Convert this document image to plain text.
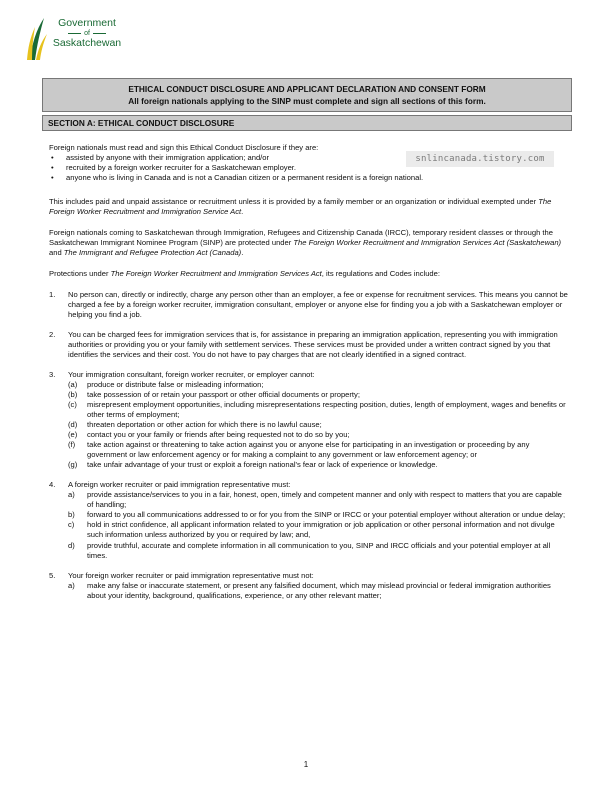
Government
of
Saskatchewan
ETHICAL CONDUCT DISCLOSURE AND APPLICANT DECLARATION AND CONSENT FORM
All foreign nationals applying to the SINP must complete and sign all sections of this form.
SECTION A: ETHICAL CONDUCT DISCLOSURE

Foreign nationals must read and sign this Ethical Conduct Disclosure if they are:

• assisted by anyone with their immigration application; and/or
• recruited by a foreign worker recruiter for a Saskatchewan employer.
• anyone who is living in Canada and is not a Canadian citizen or a permanent resident is a foreign national.

This includes paid and unpaid assistance or recruitment unless it is provided by a family member or an organization or individual exempted under The Foreign Worker Recruitment and Immigration Service Act.

Foreign nationals coming to Saskatchewan through Immigration, Refugees and Citizenship Canada (IRCC), temporary resident classes or through the Saskatchewan Immigrant Nominee Program (SINP) are protected under The Foreign Worker Recruitment and Immigration Services Act (Saskatchewan) and The Immigrant and Refugee Protection Act (Canada).

Protections under The Foreign Worker Recruitment and Immigration Services Act, its regulations and Codes include:

1. No person can, directly or indirectly, charge any person other than an employer, a fee or expense for recruitment services. This means you cannot be charged a fee by a foreign worker recruiter, immigration consultant, employer or anyone else for finding you a job with a Saskatchewan employer or helping you find a job.
2. You can be charged fees for immigration services that is, for assistance in preparing an immigration application, representing you with immigration authorities or providing you or your family with settlement services. These services must be provided under a written contract signed by you that identifies the services and their cost. You do not have to pay charges that are not clearly identified in a signed contract.
3. Your immigration consultant, foreign worker recruiter, or employer cannot:
(a) produce or distribute false or misleading information;
(b) take possession of or retain your passport or other official documents or property;
(c) misrepresent employment opportunities, including misrepresentations respecting position, duties, length of employment, wages and benefits or other terms of employment;
(d) threaten deportation or other action for which there is no lawful cause;
(e) contact you or your family or friends after being requested not to do so by you;
(f) take action against or threatening to take action against you or anyone else for participating in an investigation or proceeding by any government or law enforcement agency or for making a complaint to any government or law enforcement agency; or
(g) take unfair advantage of your trust or exploit a foreign national's fear or lack of experience or knowledge.
4. A foreign worker recruiter or paid immigration representative must:
a) provide assistance/services to you in a fair, honest, open, timely and competent manner and only with respect to matters that you are capable of handling;
b) forward to you all communications addressed to or for you from the SINP or IRCC or your potential employer without alteration or undue delay;
c) hold in strict confidence, all applicant information related to your immigration or job application or other personal information and not divulge such information unless authorized by you or required by law; and,
d) provide truthful, accurate and complete information in all communication to you, SINP and IRCC officials and your potential employer at all times.
5. Your foreign worker recruiter or paid immigration representative must not:
a) make any false or inaccurate statement, or present any falsified document, which may mislead provincial or federal immigration authorities about your identity, background, qualifications, experience, or any other relevant matter;
snlincanada.tistory.com
1
